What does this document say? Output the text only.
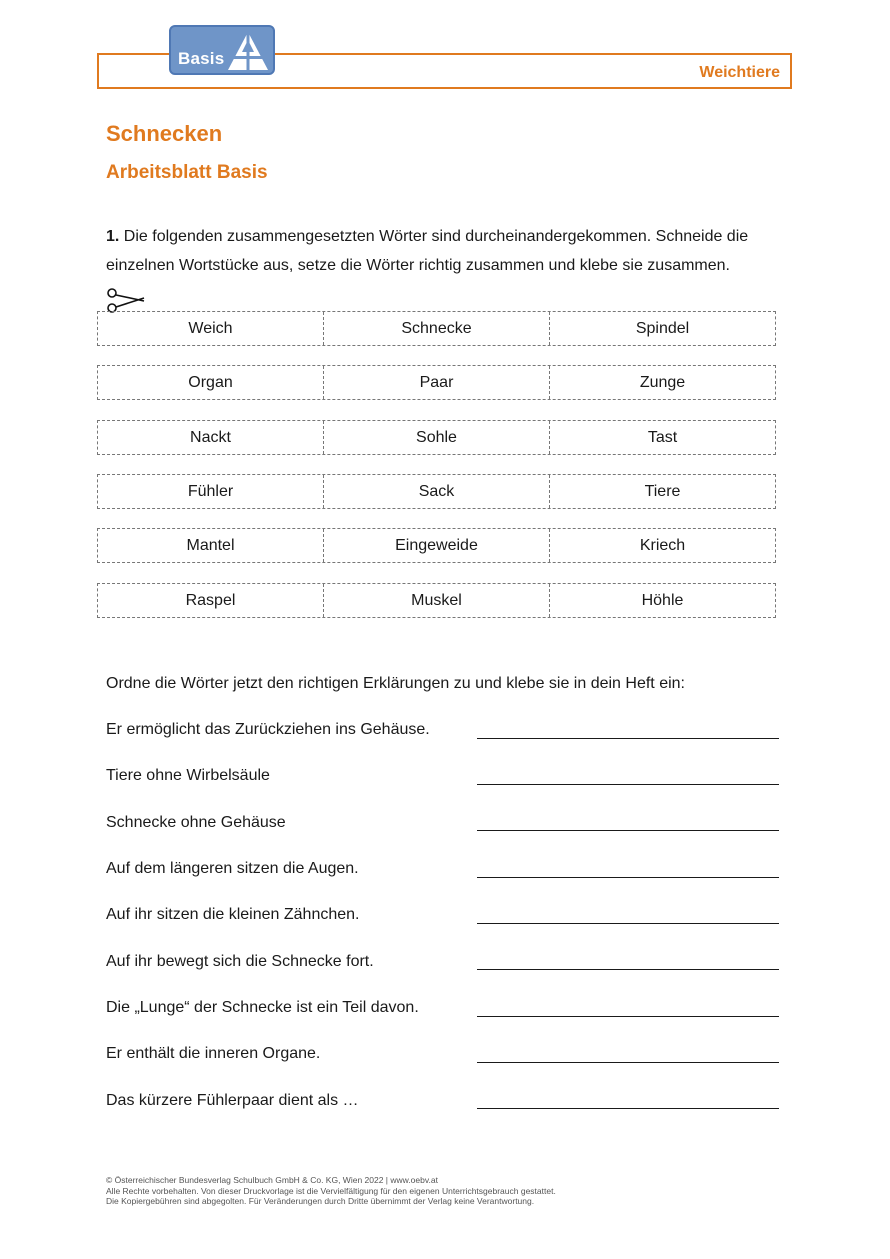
Weichtiere
Basis
Schnecken
Arbeitsblatt Basis

1. Die folgenden zusammengesetzten Wörter sind durcheinandergekommen. Schneide die einzelnen Wortstücke aus, setze die Wörter richtig zusammen und klebe sie zusammen.

Weich	Schnecke	Spindel
Organ	Paar	Zunge
Nackt	Sohle	Tast
Fühler	Sack	Tiere
Mantel	Eingeweide	Kriech
Raspel	Muskel	Höhle

Ordne die Wörter jetzt den richtigen Erklärungen zu und klebe sie in dein Heft ein:

Er ermöglicht das Zurückziehen ins Gehäuse.

Tiere ohne Wirbelsäule

Schnecke ohne Gehäuse

Auf dem längeren sitzen die Augen.

Auf ihr sitzen die kleinen Zähnchen.

Auf ihr bewegt sich die Schnecke fort.

Die „Lunge“ der Schnecke ist ein Teil davon.

Er enthält die inneren Organe.

Das kürzere Fühlerpaar dient als …

© Österreichischer Bundesverlag Schulbuch GmbH & Co. KG, Wien 2022 | www.oebv.at
Alle Rechte vorbehalten. Von dieser Druckvorlage ist die Vervielfältigung für den eigenen Unterrichtsgebrauch gestattet.
Die Kopiergebühren sind abgegolten. Für Veränderungen durch Dritte übernimmt der Verlag keine Verantwortung.
